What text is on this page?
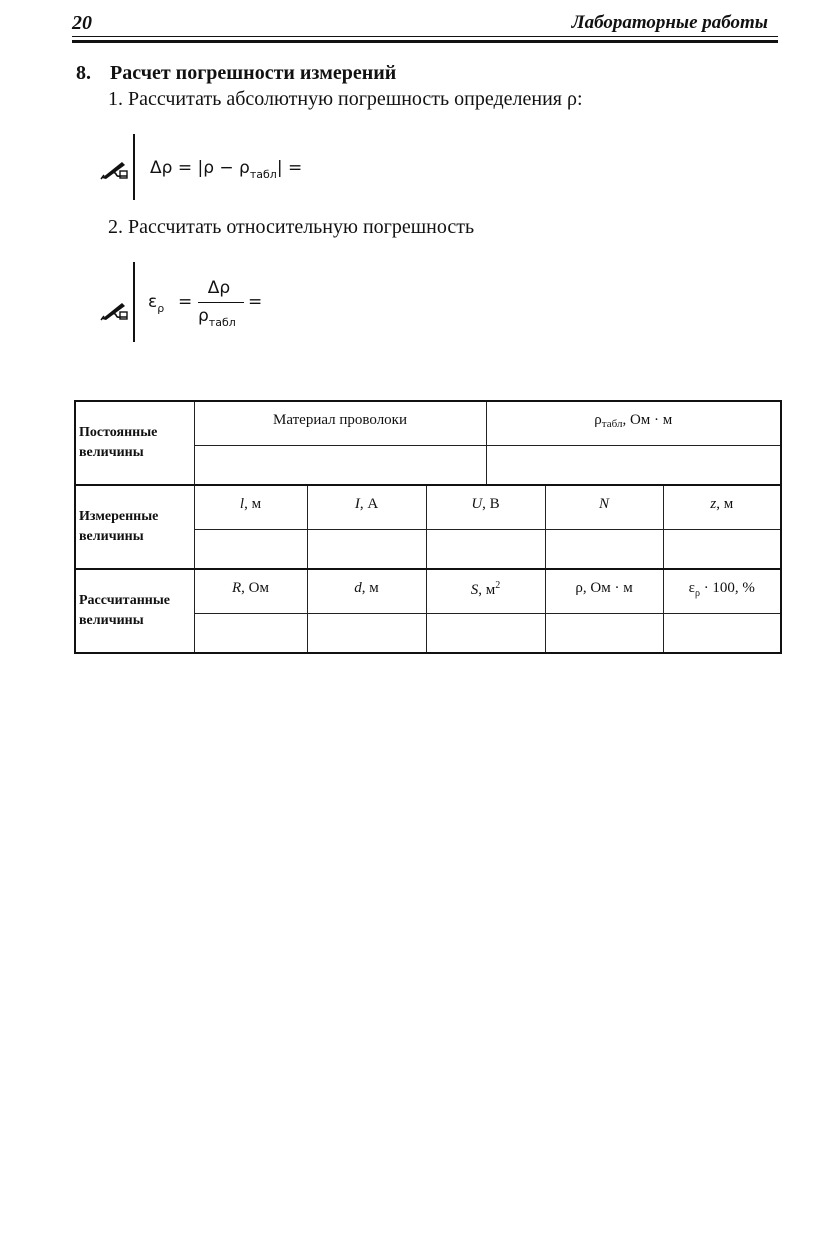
20	Лабораторные работы
8. Расчет погрешности измерений
1. Рассчитать абсолютную погрешность определения ρ:
$\Delta\rho = |\rho - \rho_{табл}|$ =
2. Рассчитать относительную погрешность
$\varepsilon_\rho$ =
Δρ
$\rho_{табл}$
=
Постоянные величины	Материал проволоки			$\rho_{табл}$, Ом · м		

Измеренные величины	l, м	I, А	U, В		N	z, м

Рассчитанные величины	R, Ом	d, м	S, $м^2$		ρ, Ом · м	$\varepsilon_\rho \cdot 100$, %
